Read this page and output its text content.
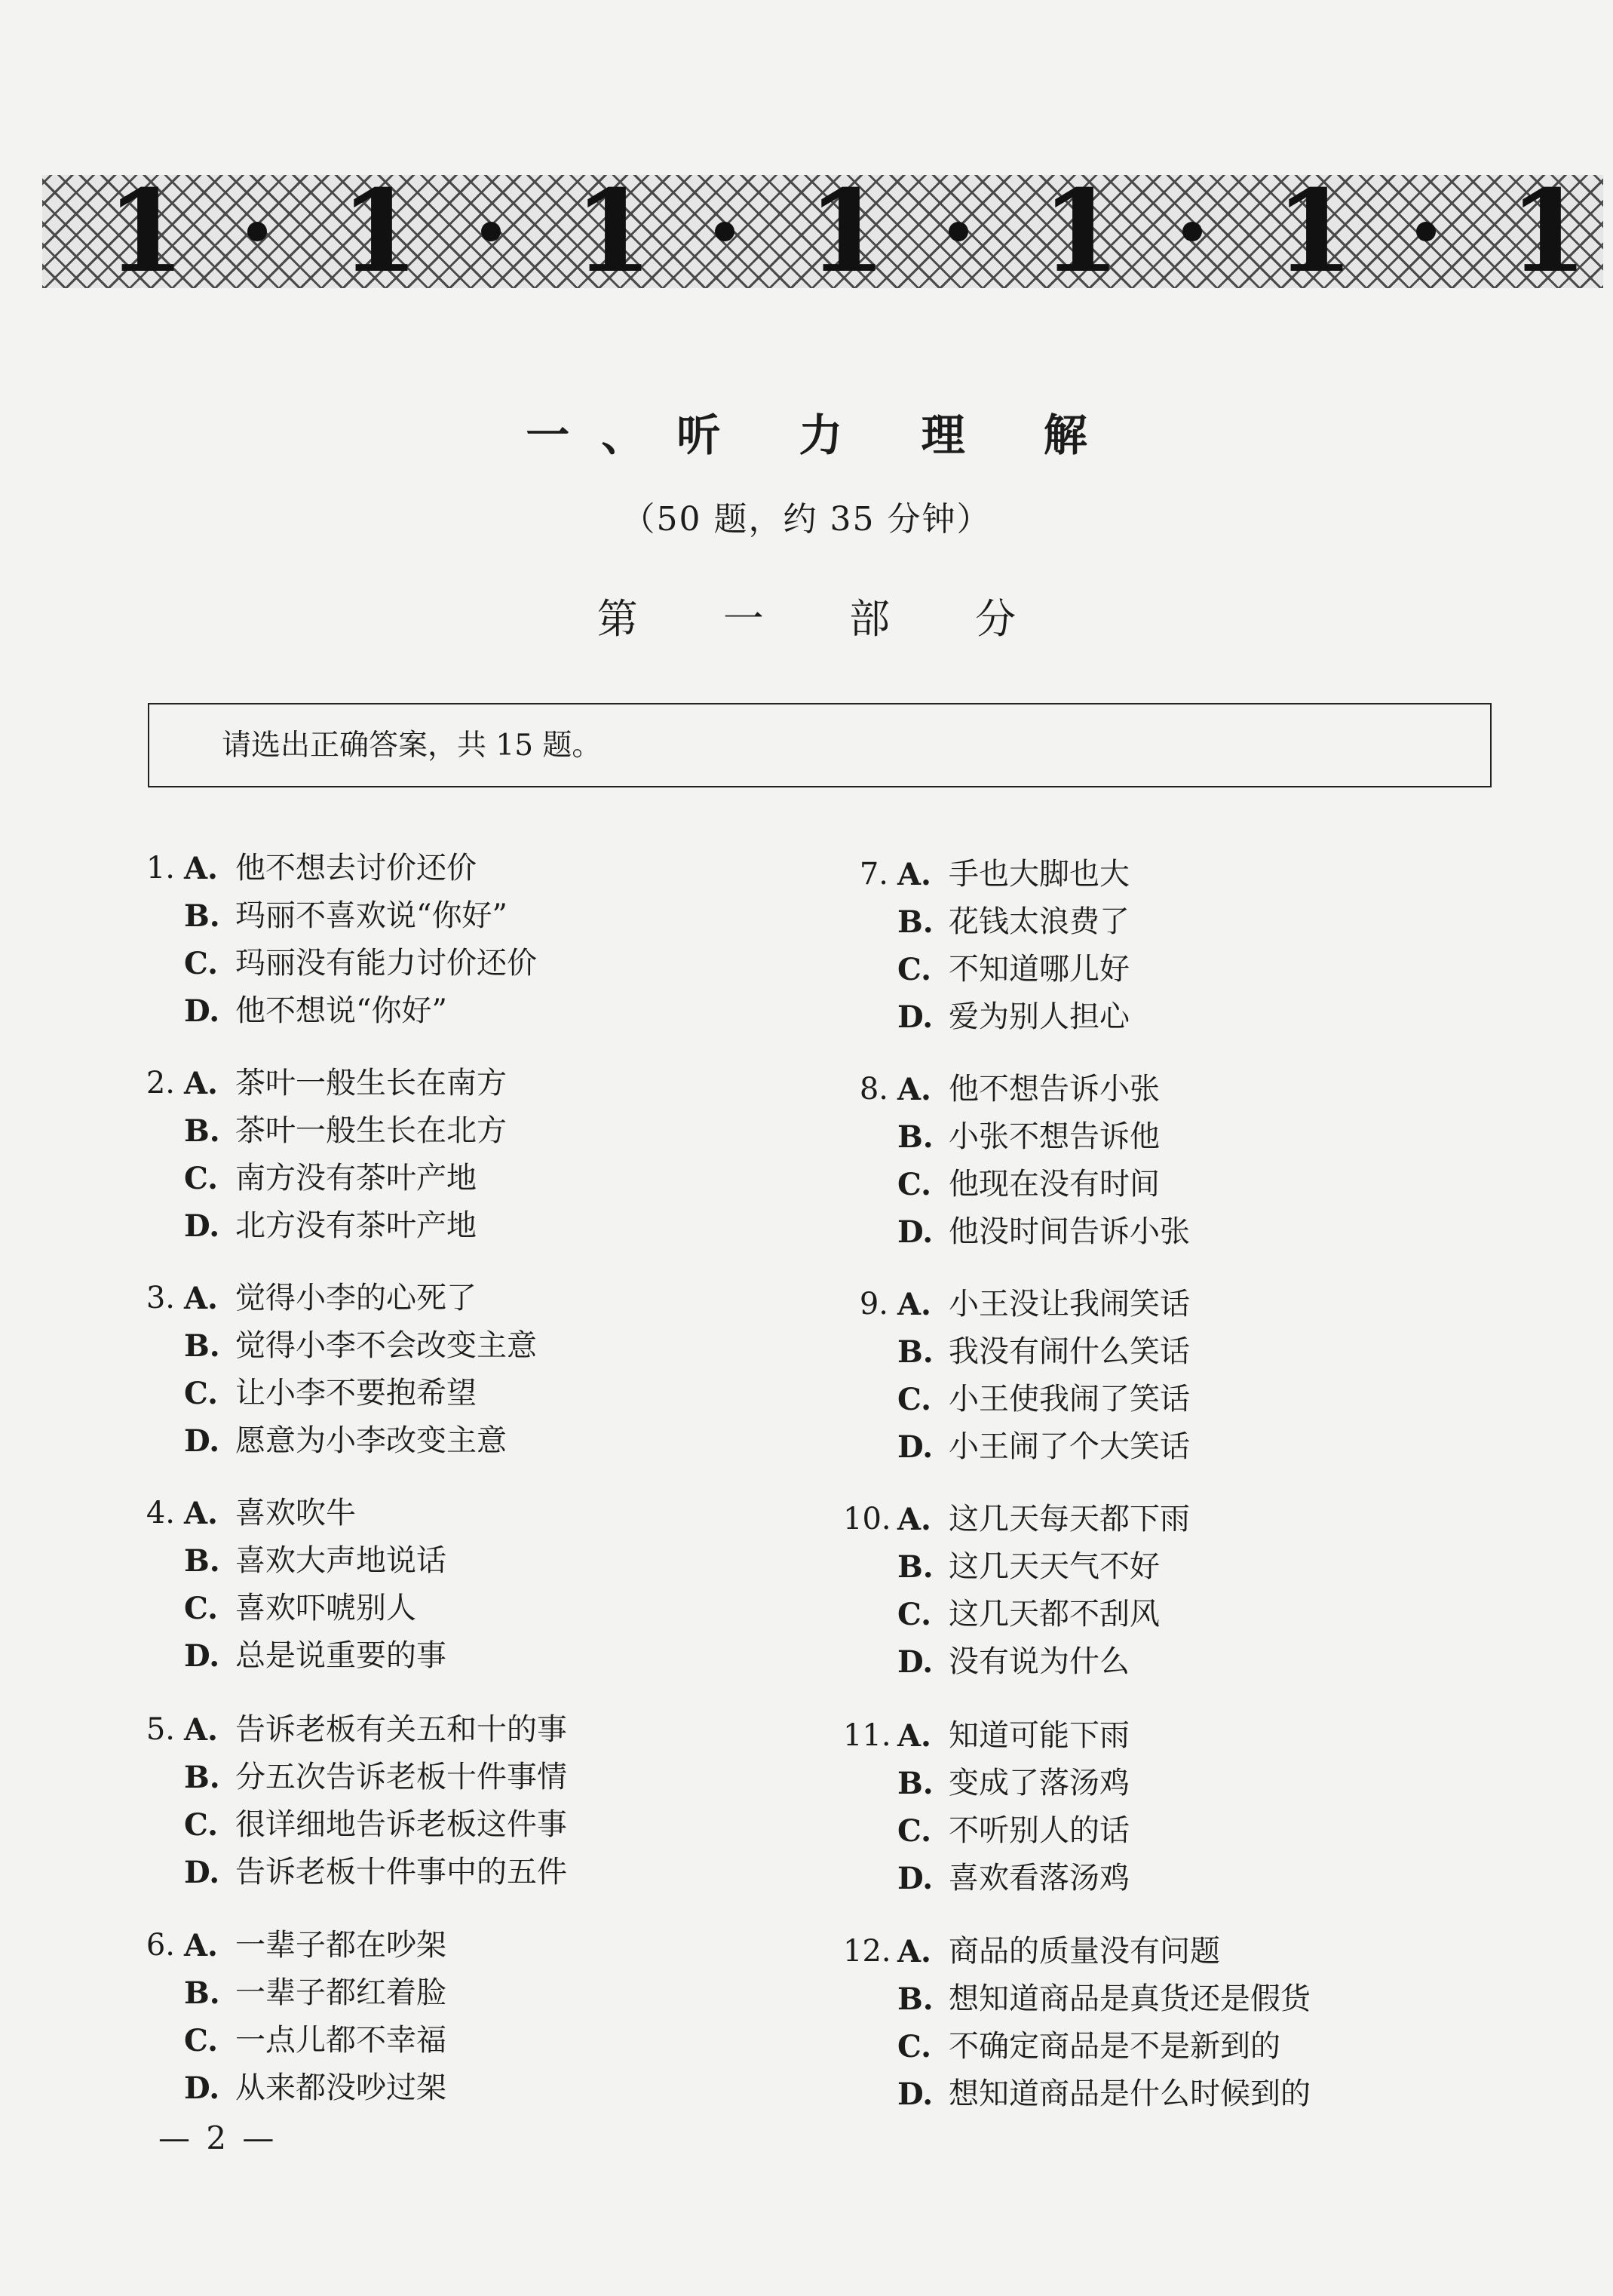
1 1 1 1 1 1 1
一、听 力 理 解
（50 题，约 35 分钟）
第 一 部 分
请选出正确答案，共 15 题。
1. A. 他不想去讨价还价
B. 玛丽不喜欢说“你好”
C. 玛丽没有能力讨价还价
D. 他不想说“你好”
2. A. 茶叶一般生长在南方
B. 茶叶一般生长在北方
C. 南方没有茶叶产地
D. 北方没有茶叶产地
3. A. 觉得小李的心死了
B. 觉得小李不会改变主意
C. 让小李不要抱希望
D. 愿意为小李改变主意
4. A. 喜欢吹牛
B. 喜欢大声地说话
C. 喜欢吓唬别人
D. 总是说重要的事
5. A. 告诉老板有关五和十的事
B. 分五次告诉老板十件事情
C. 很详细地告诉老板这件事
D. 告诉老板十件事中的五件
6. A. 一辈子都在吵架
B. 一辈子都红着脸
C. 一点儿都不幸福
D. 从来都没吵过架
7. A. 手也大脚也大
B. 花钱太浪费了
C. 不知道哪儿好
D. 爱为别人担心
8. A. 他不想告诉小张
B. 小张不想告诉他
C. 他现在没有时间
D. 他没时间告诉小张
9. A. 小王没让我闹笑话
B. 我没有闹什么笑话
C. 小王使我闹了笑话
D. 小王闹了个大笑话
10. A. 这几天每天都下雨
B. 这几天天气不好
C. 这几天都不刮风
D. 没有说为什么
11. A. 知道可能下雨
B. 变成了落汤鸡
C. 不听别人的话
D. 喜欢看落汤鸡
12. A. 商品的质量没有问题
B. 想知道商品是真货还是假货
C. 不确定商品是不是新到的
D. 想知道商品是什么时候到的
— 2 —
